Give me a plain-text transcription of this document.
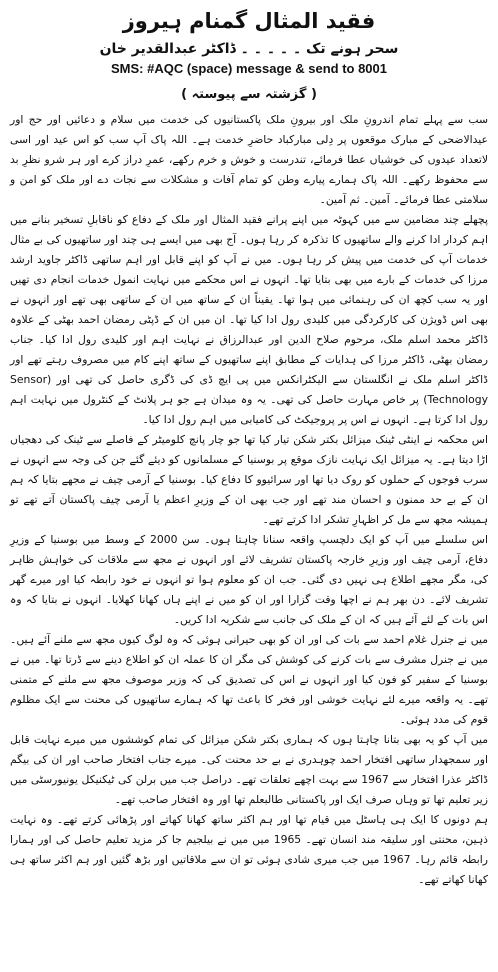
فقید المثال گمنام ہیروز
سحر ہونے تک ۔ ۔ ۔ ۔ ۔ ڈاکٹر عبدالقدیر خان
SMS: #AQC (space) message & send to 8001
( گزشتہ سے پیوستہ )

سب سے پہلے تمام اندرونِ ملک اور بیرونِ ملک پاکستانیوں کی خدمت میں سلام و دعائیں اور حج اور عیدالاضحی کے مبارک موقعوں پر دِلی مبارکباد حاضرِ خدمت ہے۔ اللہ پاک آپ سب کو اس عید اور اسی لاتعداد عیدوں کی خوشیاں عطا فرمائے، تندرست و خوش و خرم رکھے، عمرِ دراز کرے اور ہر شرو نظرِ بد سے محفوظ رکھے۔ اللہ پاک ہمارے پیارے وطن کو تمام آفات و مشکلات سے نجات دے اور ملک کو امن و سلامتی عطا فرمائے۔ آمین۔ ثم آمین۔

پچھلے چند مضامین سے میں کہوٹہ میں اپنے پرانے فقید المثال اور ملک کے دفاع کو ناقابلِ تسخیر بنانے میں اہم کردار ادا کرنے والے ساتھیوں کا تذکرہ کر رہا ہوں۔ آج بھی میں ایسے ہی چند اور ساتھیوں کی بے مثال خدمات آپ کی خدمت میں پیش کر رہا ہوں۔ میں نے آپ کو اپنے قابل اور اہم ساتھی ڈاکٹر جاوید ارشد مرزا کی خدمات کے بارے میں بھی بتایا تھا۔ انہوں نے اس محکمے میں نہایت انمول خدمات انجام دی تھیں اور یہ سب کچھ ان کی رہنمائی میں ہوا تھا۔ یقیناً ان کے ساتھ میں ان کے ساتھی بھی تھے اور انہوں نے بھی اس ڈویژن کی کارکردگی میں کلیدی رول ادا کیا تھا۔ ان میں ان کے ڈپٹی رمضان احمد بھٹی کے علاوہ ڈاکٹر محمد اسلم ملک، مرحوم صلاح الدین اور عبدالرزاق نے نہایت اہم اور کلیدی رول ادا کیا۔ جناب رمضان بھٹی، ڈاکٹر مرزا کی ہدایات کے مطابق اپنے ساتھیوں کے ساتھ اپنے کام میں مصروف رہتے تھے اور ڈاکٹر اسلم ملک نے انگلستان سے الیکٹرانکس میں پی ایچ ڈی کی ڈگری حاصل کی تھی اور (Sensor Technology) پر خاص مہارت حاصل کی تھی۔ یہ وہ میدان ہے جو ہر پلانٹ کے کنٹرول میں نہایت اہم رول ادا کرتا ہے۔ انہوں نے اس پر پروجیکٹ کی کامیابی میں اہم رول ادا کیا۔

اس محکمہ نے اینٹی ٹینک میزائل بکتر شکن تیار کیا تھا جو چار پانچ کلومیٹر کے فاصلے سے ٹینک کی دھجیاں اڑا دیتا ہے۔ یہ میزائل ایک نہایت نازک موقع پر بوسنیا کے مسلمانوں کو دیئے گئے جن کی وجہ سے انہوں نے سرب فوجوں کے حملوں کو روک دیا تھا اور سرائیوو کا دفاع کیا۔ بوسنیا کے آرمی چیف نے مجھے بتایا کہ ہم ان کے بے حد ممنون و احسان مند تھے اور جب بھی ان کے وزیرِ اعظم یا آرمی چیف پاکستان آتے تھے تو ہمیشہ مجھ سے مل کر اظہارِ تشکر ادا کرتے تھے۔

اس سلسلے میں آپ کو ایک دلچسپ واقعہ سنانا چاہتا ہوں۔ سن 2000 کے وسط میں بوسنیا کے وزیرِ دفاع، آرمی چیف اور وزیرِ خارجہ پاکستان تشریف لائے اور انہوں نے مجھ سے ملاقات کی خواہش ظاہر کی، مگر مجھے اطلاع ہی نہیں دی گئی۔ جب ان کو معلوم ہوا تو انہوں نے خود رابطہ کیا اور میرے گھر تشریف لائے۔ دن بھر ہم نے اچھا وقت گزارا اور ان کو میں نے اپنے ہاں کھانا کھلایا۔ انہوں نے بتایا کہ وہ اس بات کے لئے آئے ہیں کہ ان کے ملک کی جانب سے شکریہ ادا کریں۔

میں نے جنرل غلام احمد سے بات کی اور ان کو بھی حیرانی ہوئی کہ وہ لوگ کیوں مجھ سے ملنے آئے ہیں۔ میں نے جنرل مشرف سے بات کرنے کی کوشش کی مگر ان کا عملہ ان کو اطلاع دینے سے ڈرتا تھا۔ میں نے بوسنیا کے سفیر کو فون کیا اور انہوں نے اس کی تصدیق کی کہ وزیر موصوف مجھ سے ملنے کے متمنی تھے۔ یہ واقعہ میرے لئے نہایت خوشی اور فخر کا باعث تھا کہ ہمارے ساتھیوں کی محنت سے ایک مظلوم قوم کی مدد ہوئی۔

میں آپ کو یہ بھی بتانا چاہتا ہوں کہ ہماری بکتر شکن میزائل کی تمام کوششوں میں میرے نہایت قابل اور سمجھدار ساتھی افتخار احمد چوہدری نے بے حد محنت کی۔ میرے جناب افتخار صاحب اور ان کی بیگم ڈاکٹر عذرا افتخار سے 1967 سے بہت اچھے تعلقات تھے۔ دراصل جب میں برلن کی ٹیکنیکل یونیورسٹی میں زیر تعلیم تھا تو وہاں صرف ایک اور پاکستانی طالبعلم تھا اور وہ افتخار صاحب تھے۔

ہم دونوں کا ایک ہی ہاسٹل میں قیام تھا اور ہم اکثر ساتھ کھانا کھاتے اور پڑھائی کرتے تھے۔ وہ نہایت ذہین، محنتی اور سلیقہ مند انسان تھے۔ 1965 میں میں نے بیلجیم جا کر مزید تعلیم حاصل کی اور ہمارا رابطہ قائم رہا۔ 1967 میں جب میری شادی ہوئی تو ان سے ملاقاتیں اور بڑھ گئیں اور ہم اکثر ساتھ ہی کھانا کھاتے تھے۔
